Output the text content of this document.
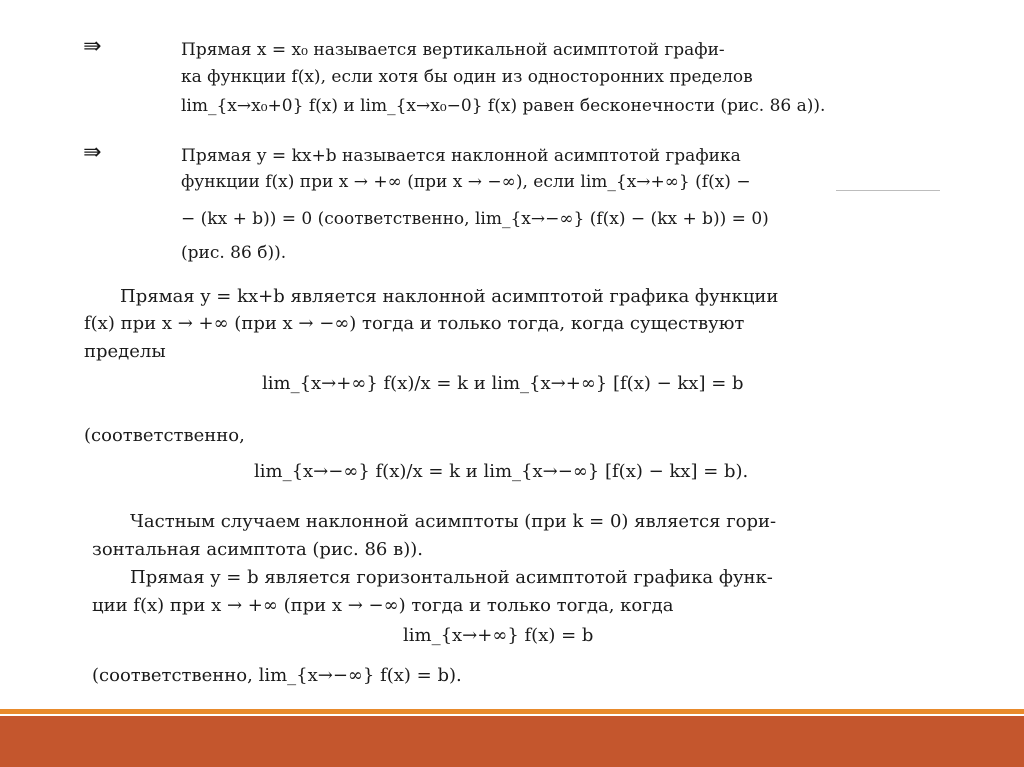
⇛	Прямая x = x₀ называется вертикальной асимптотой графи-
ка функции f(x), если хотя бы один из односторонних пределов
lim_{x→x₀+0} f(x) и lim_{x→x₀−0} f(x) равен бесконечности (рис. 86 а)).
⇛	Прямая y = kx+b называется наклонной асимптотой графика
функции f(x) при x → +∞ (при x → −∞), если lim_{x→+∞} (f(x) −
− (kx + b)) = 0 (соответственно, lim_{x→−∞} (f(x) − (kx + b)) = 0)
(рис. 86 б)).
Прямая y = kx+b является наклонной асимптотой графика функции
f(x) при x → +∞ (при x → −∞) тогда и только тогда, когда существуют
пределы
lim_{x→+∞} f(x)/x = k и lim_{x→+∞} [f(x) − kx] = b
(соответственно,
lim_{x→−∞} f(x)/x = k и lim_{x→−∞} [f(x) − kx] = b).
Частным случаем наклонной асимптоты (при k = 0) является гори-
зонтальная асимптота (рис. 86 в)).
Прямая y = b является горизонтальной асимптотой графика функ-
ции f(x) при x → +∞ (при x → −∞) тогда и только тогда, когда
lim_{x→+∞} f(x) = b
(соответственно, lim_{x→−∞} f(x) = b).
